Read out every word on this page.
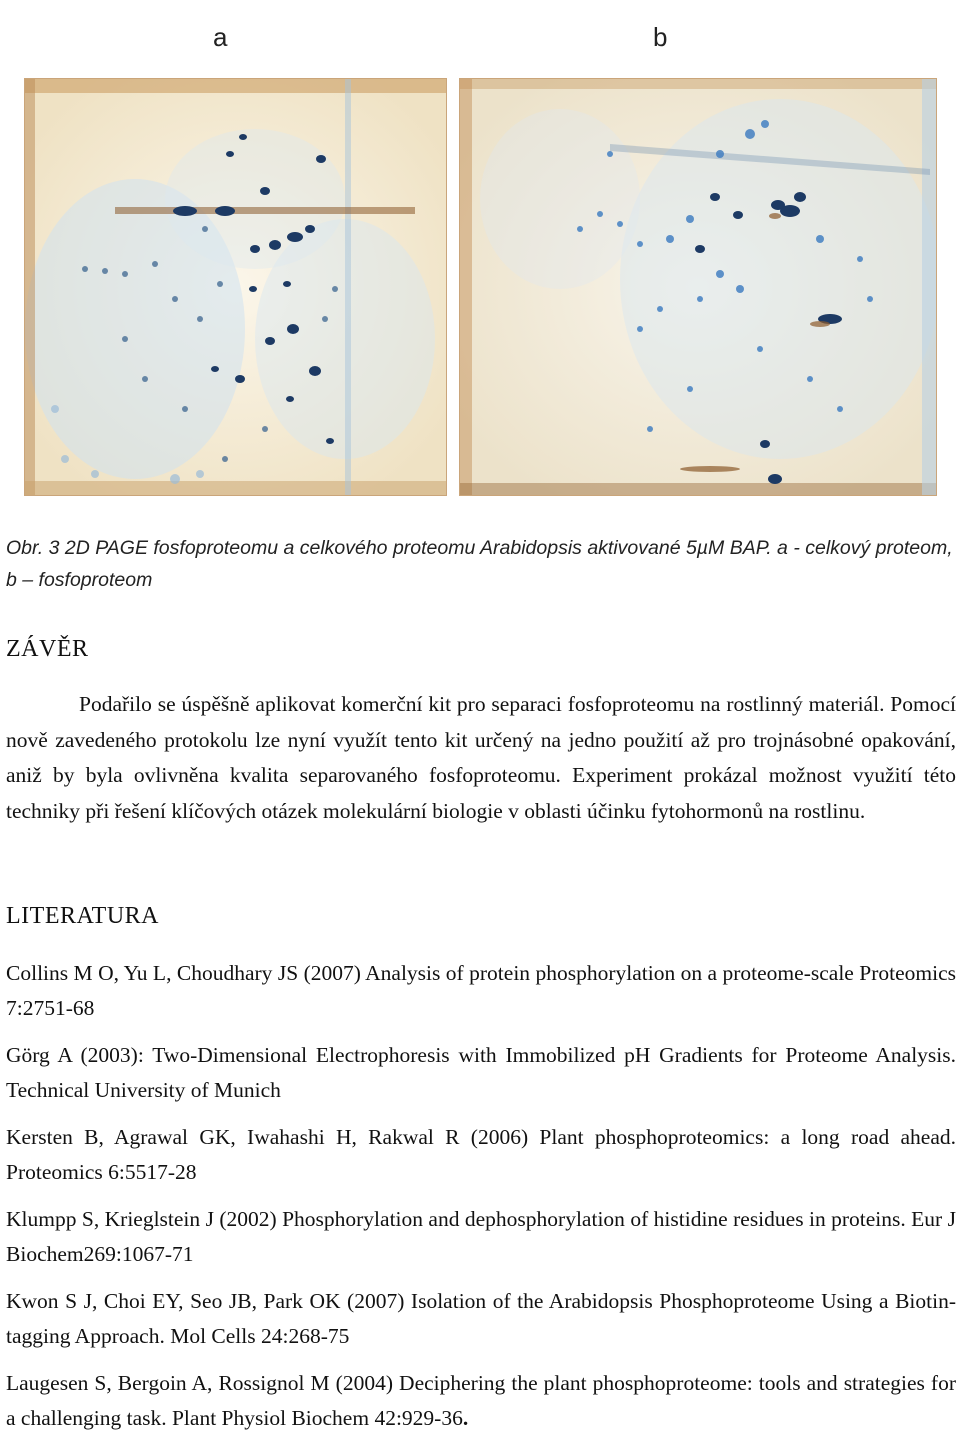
a	b
Obr. 3 2D PAGE fosfoproteomu a celkového proteomu Arabidopsis aktivované 5µM BAP. a - celkový proteom, b – fosfoproteom
ZÁVĚR

Podařilo se úspěšně aplikovat komerční kit pro separaci fosfoproteomu na rostlinný materiál. Pomocí nově zavedeného protokolu lze nyní využít tento kit určený na jedno použití až pro trojnásobné opakování, aniž by byla ovlivněna kvalita separovaného fosfoproteomu. Experiment prokázal možnost využití této techniky při řešení klíčových otázek molekulární biologie v oblasti účinku fytohormonů na rostlinu.

LITERATURA

Collins M O, Yu L, Choudhary JS (2007) Analysis of protein phosphorylation on a proteome-scale Proteomics 7:2751-68

Görg A (2003): Two-Dimensional Electrophoresis with Immobilized pH Gradients for Proteome Analysis. Technical University of Munich

Kersten B, Agrawal GK, Iwahashi H, Rakwal R (2006) Plant phosphoproteomics: a long road ahead. Proteomics 6:5517-28

Klumpp S, Krieglstein J (2002) Phosphorylation and dephosphorylation of histidine residues in proteins. Eur J Biochem269:1067-71

Kwon S J, Choi EY, Seo JB, Park OK (2007) Isolation of the Arabidopsis Phosphoproteome Using a Biotin-tagging Approach. Mol Cells 24:268-75

Laugesen S, Bergoin A, Rossignol M (2004) Deciphering the plant phosphoproteome: tools and strategies for a challenging task. Plant Physiol Biochem 42:929-36.
